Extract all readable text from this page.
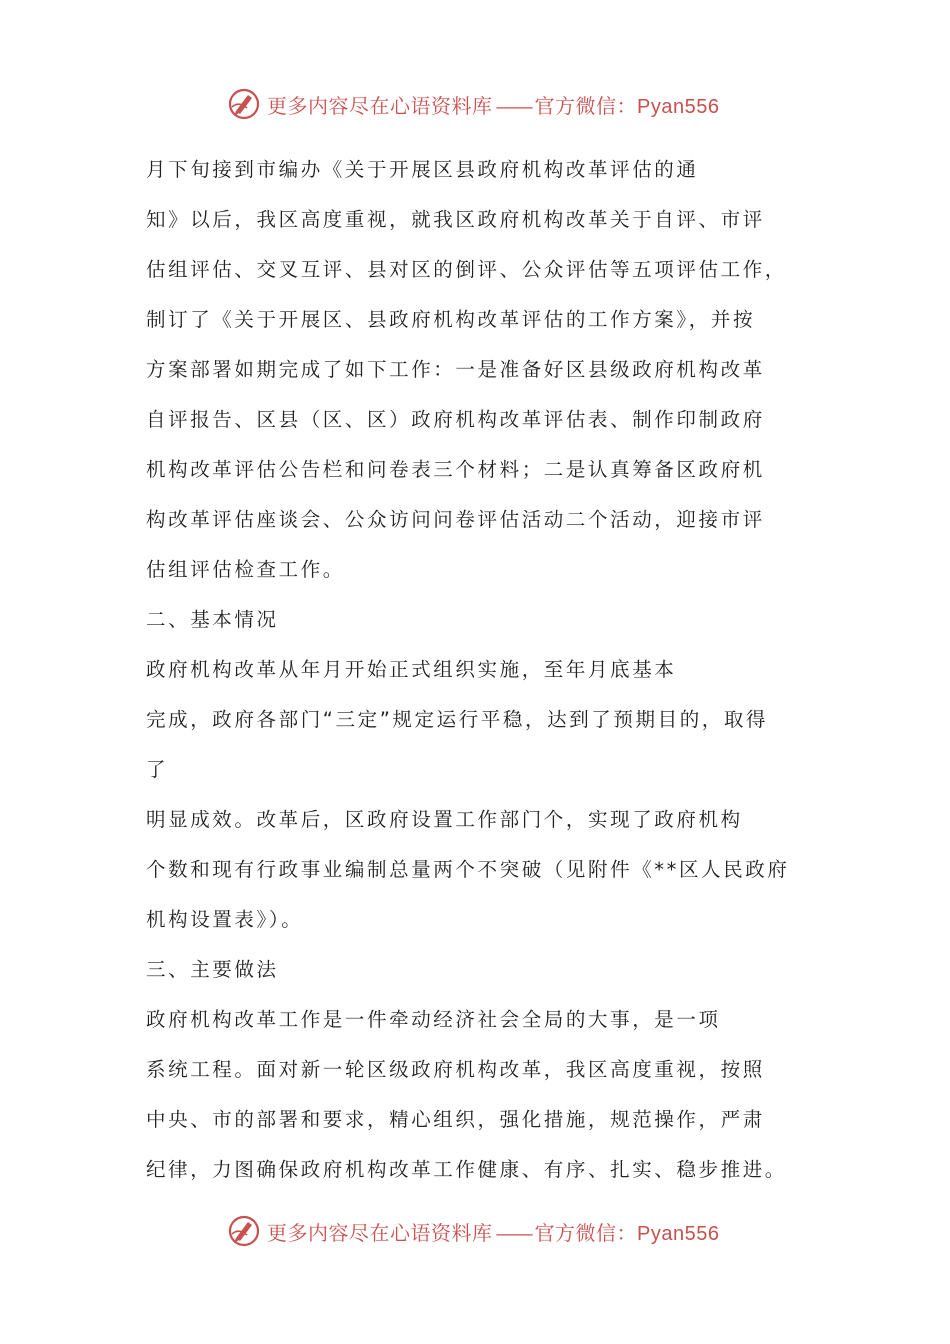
更多内容尽在心语资料库 —— 官方微信：Pyan556
月下旬接到市编办《关于开展区县政府机构改革评估的通
知》以后，我区高度重视，就我区政府机构改革关于自评、市评
估组评估、交叉互评、县对区的倒评、公众评估等五项评估工作，
制订了《关于开展区、县政府机构改革评估的工作方案》，并按
方案部署如期完成了如下工作：一是准备好区县级政府机构改革
自评报告、区县（区、区）政府机构改革评估表、制作印制政府
机构改革评估公告栏和问卷表三个材料；二是认真筹备区政府机
构改革评估座谈会、公众访问问卷评估活动二个活动，迎接市评
估组评估检查工作。
二、基本情况
政府机构改革从年月开始正式组织实施，至年月底基本
完成，政府各部门“三定”规定运行平稳，达到了预期目的，取得
了
明显成效。改革后，区政府设置工作部门个，实现了政府机构
个数和现有行政事业编制总量两个不突破（见附件《**区人民政府
机构设置表》）。
三、主要做法
政府机构改革工作是一件牵动经济社会全局的大事，是一项
系统工程。面对新一轮区级政府机构改革，我区高度重视，按照
中央、市的部署和要求，精心组织，强化措施，规范操作，严肃
纪律，力图确保政府机构改革工作健康、有序、扎实、稳步推进。
更多内容尽在心语资料库 —— 官方微信：Pyan556
